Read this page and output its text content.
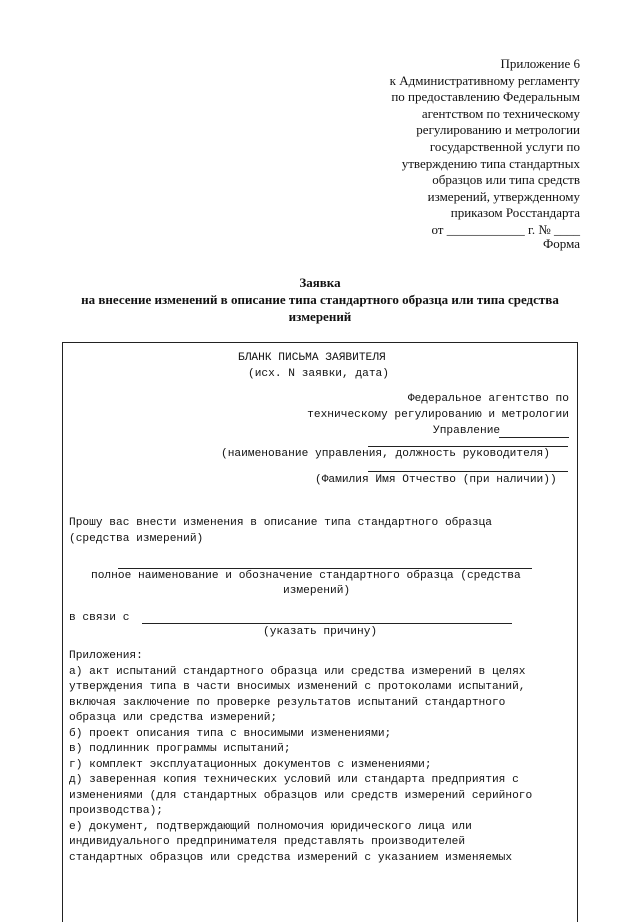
Приложение 6
к Административному регламенту
по предоставлению Федеральным
агентством по техническому
регулированию и метрологии
государственной услуги по
утверждению типа стандартных
образцов или типа средств
измерений, утвержденному
приказом Росстандарта
от ____________ г. № ____
Форма
Заявка
на внесение изменений в описание типа стандартного образца или типа средства измерений
БЛАНК ПИСЬМА ЗАЯВИТЕЛЯ
(исх. N заявки, дата)
Федеральное агентство по
техническому регулированию и метрологии
Управление
(наименование управления, должность руководителя)
(Фамилия Имя Отчество (при наличии))
Прошу вас внести изменения в описание типа стандартного образца
(средства измерений)
полное наименование и обозначение стандартного образца (средства
измерений)
в связи с
(указать причину)
Приложения:
а) акт испытаний стандартного образца или средства измерений в целях
утверждения типа в части вносимых изменений с протоколами испытаний,
включая заключение по проверке результатов испытаний стандартного
образца или средства измерений;
б) проект описания типа с вносимыми изменениями;
в) подлинник программы испытаний;
г) комплект эксплуатационных документов с изменениями;
д) заверенная копия технических условий или стандарта предприятия с
изменениями (для стандартных образцов или средств измерений серийного
производства);
е) документ, подтверждающий полномочия юридического лица или
индивидуального предпринимателя представлять производителей
стандартных образцов или средства измерений с указанием изменяемых
